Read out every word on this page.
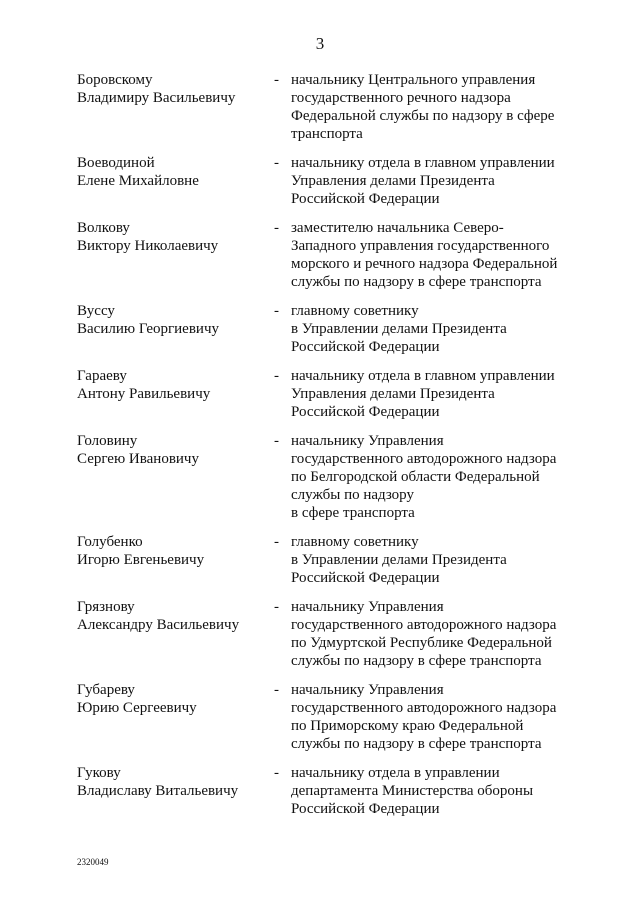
3
Боровскому
Владимиру Васильевичу
- начальнику Центрального управления
государственного речного надзора
Федеральной службы по надзору в сфере
транспорта
Воеводиной
Елене Михайловне
- начальнику отдела в главном управлении
Управления делами Президента
Российской Федерации
Волкову
Виктору Николаевичу
- заместителю начальника Северо-
Западного управления государственного
морского и речного надзора Федеральной
службы по надзору в сфере транспорта
Вуссу
Василию Георгиевичу
- главному советнику
в Управлении делами Президента
Российской Федерации
Гараеву
Антону Равильевичу
- начальнику отдела в главном управлении
Управления делами Президента
Российской Федерации
Головину
Сергею Ивановичу
- начальнику Управления
государственного автодорожного надзора
по Белгородской области Федеральной
службы по надзору
в сфере транспорта
Голубенко
Игорю Евгеньевичу
- главному советнику
в Управлении делами Президента
Российской Федерации
Грязнову
Александру Васильевичу
- начальнику Управления
государственного автодорожного надзора
по Удмуртской Республике Федеральной
службы по надзору в сфере транспорта
Губареву
Юрию Сергеевичу
- начальнику Управления
государственного автодорожного надзора
по Приморскому краю Федеральной
службы по надзору в сфере транспорта
Гукову
Владиславу Витальевичу
- начальнику отдела в управлении
департамента Министерства обороны
Российской Федерации
2320049
